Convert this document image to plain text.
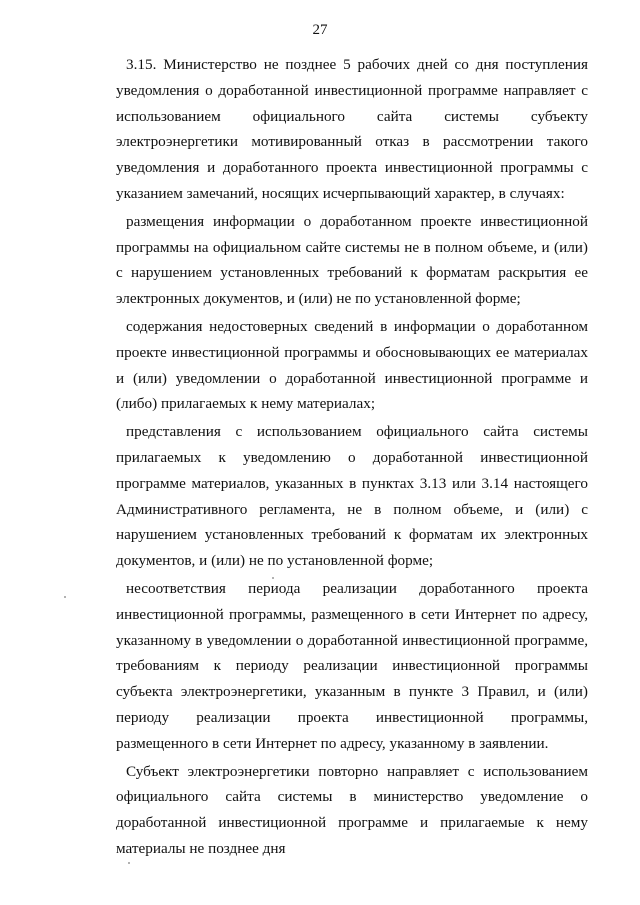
27

3.15. Министерство не позднее 5 рабочих дней со дня поступления уведомления о доработанной инвестиционной программе направляет с использованием официального сайта системы субъекту электроэнергетики мотивированный отказ в рассмотрении такого уведомления и доработанного проекта инвестиционной программы с указанием замечаний, носящих исчерпывающий характер, в случаях:

размещения информации о доработанном проекте инвестиционной программы на официальном сайте системы не в полном объеме, и (или) с нарушением установленных требований к форматам раскрытия ее электронных документов, и (или) не по установленной форме;

содержания недостоверных сведений в информации о доработанном проекте инвестиционной программы и обосновывающих ее материалах и (или) уведомлении о доработанной инвестиционной программе и (либо) прилагаемых к нему материалах;

представления с использованием официального сайта системы прилагаемых к уведомлению о доработанной инвестиционной программе материалов, указанных в пунктах 3.13 или 3.14 настоящего Административного регламента, не в полном объеме, и (или) с нарушением установленных требований к форматам их электронных документов, и (или) не по установленной форме;

несоответствия периода реализации доработанного проекта инвестиционной программы, размещенного в сети Интернет по адресу, указанному в уведомлении о доработанной инвестиционной программе, требованиям к периоду реализации инвестиционной программы субъекта электроэнергетики, указанным в пункте 3 Правил, и (или) периоду реализации проекта инвестиционной программы, размещенного в сети Интернет по адресу, указанному в заявлении.

Субъект электроэнергетики повторно направляет с использованием официального сайта системы в министерство уведомление о доработанной инвестиционной программе и прилагаемые к нему материалы не позднее дня
